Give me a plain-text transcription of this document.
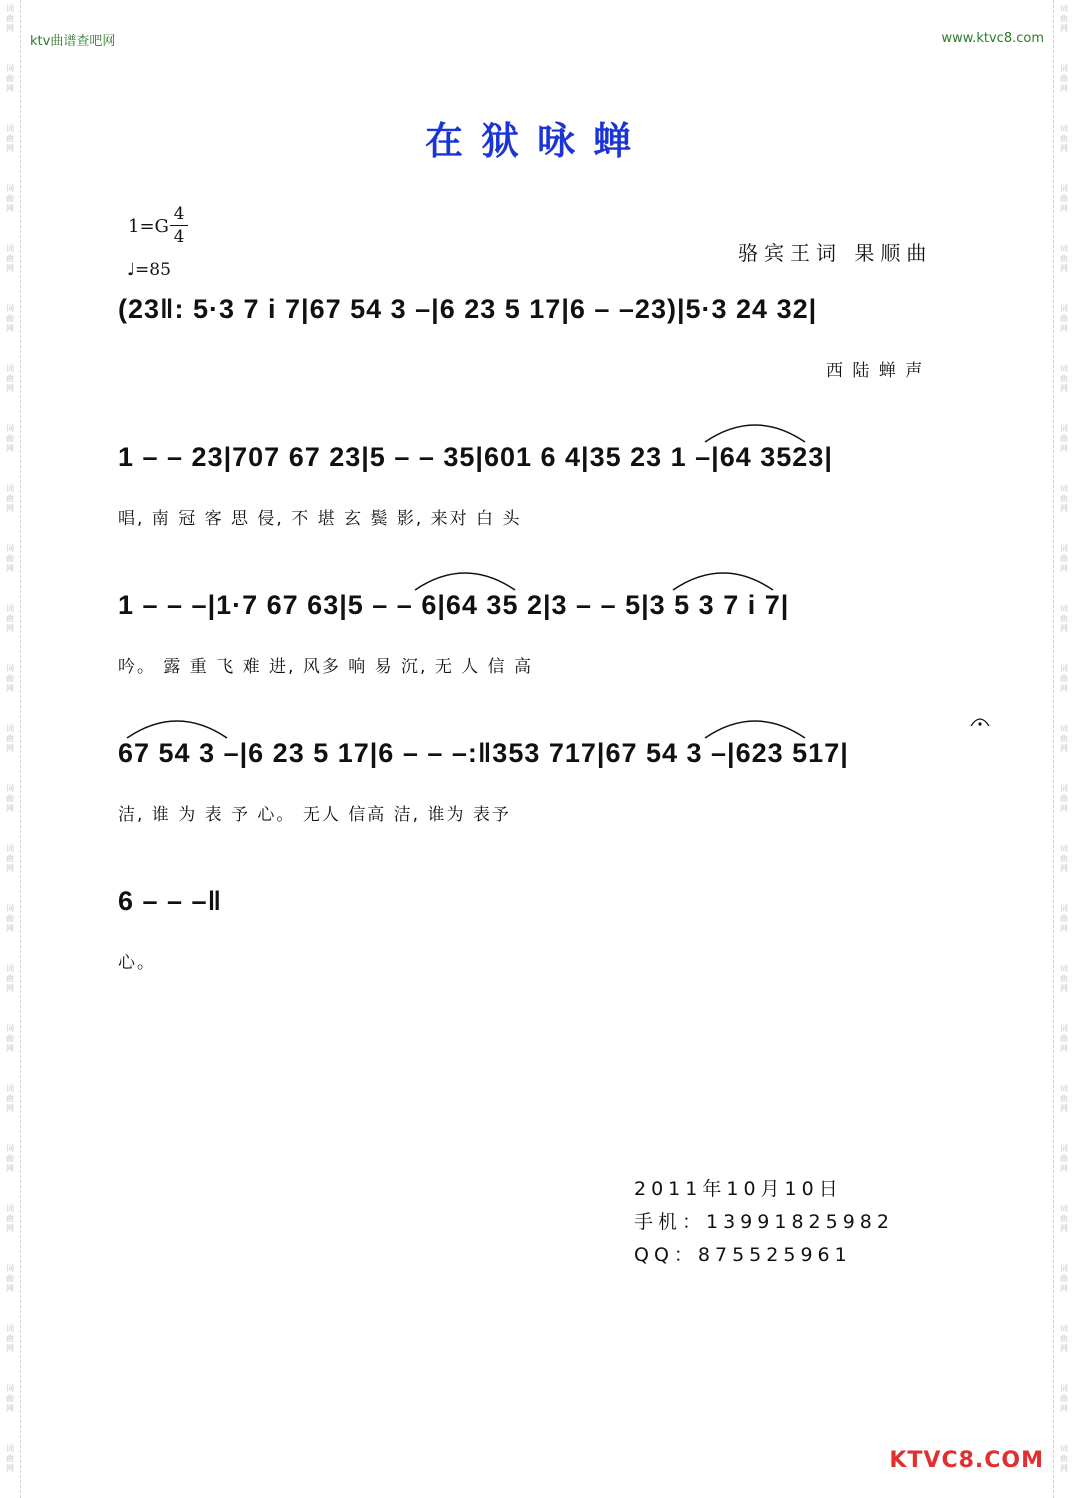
词
曲
网
词
曲
网
词
曲
网
词
曲
网
词
曲
网
词
曲
网
词
曲
网
词
曲
网
词
曲
网
词
曲
网
词
曲
网
词
曲
网
词
曲
网
词
曲
网
词
曲
网
词
曲
网
词
曲
网
词
曲
网
词
曲
网
词
曲
网
词
曲
网
词
曲
网
词
曲
网
词
曲
网
词
曲
网
词
曲
网
词
曲
网
词
曲
网
词
曲
网
词
曲
网
词
曲
网
词
曲
网
词
曲
网
词
曲
网
词
曲
网
词
曲
网
词
曲
网
词
曲
网
词
曲
网
词
曲
网
词
曲
网
词
曲
网
词
曲
网
词
曲
网
词
曲
网
词
曲
网
词
曲
网
词
曲
网
词
曲
网
词
曲
网
ktv曲谱查吧网	www.ktvc8.com
在狱咏蝉
1=G
4
4
♩=85
骆宾王词 果顺曲
(23‖: 5·3 7 i 7|67 54 3 –|6 23 5 17|6 – –23)|5·3 24 32|
西 陆 蝉 声
1 – – 23|707 67 23|5 – – 35|601 6 4|35 23 1 –|64 3523|
唱, 南 冠 客 思 侵, 不 堪 玄 鬓 影, 来对 白 头
1 – – –|1·7 67 63|5 – – 6|64 35 2|3 – – 5|3 5 3 7 i 7|
吟。 露 重 飞 难 进, 风多 响 易 沉, 无 人 信 高
67 54 3 –|6 23 5 17|6 – – –:‖353 717|67 54 3 –|623 517|
洁, 谁 为 表 予 心。 无人 信高 洁, 谁为 表予
6 – – –‖
心。
2011年10月10日
手机：13991825982
QQ：875525961
KTVC8.COM
